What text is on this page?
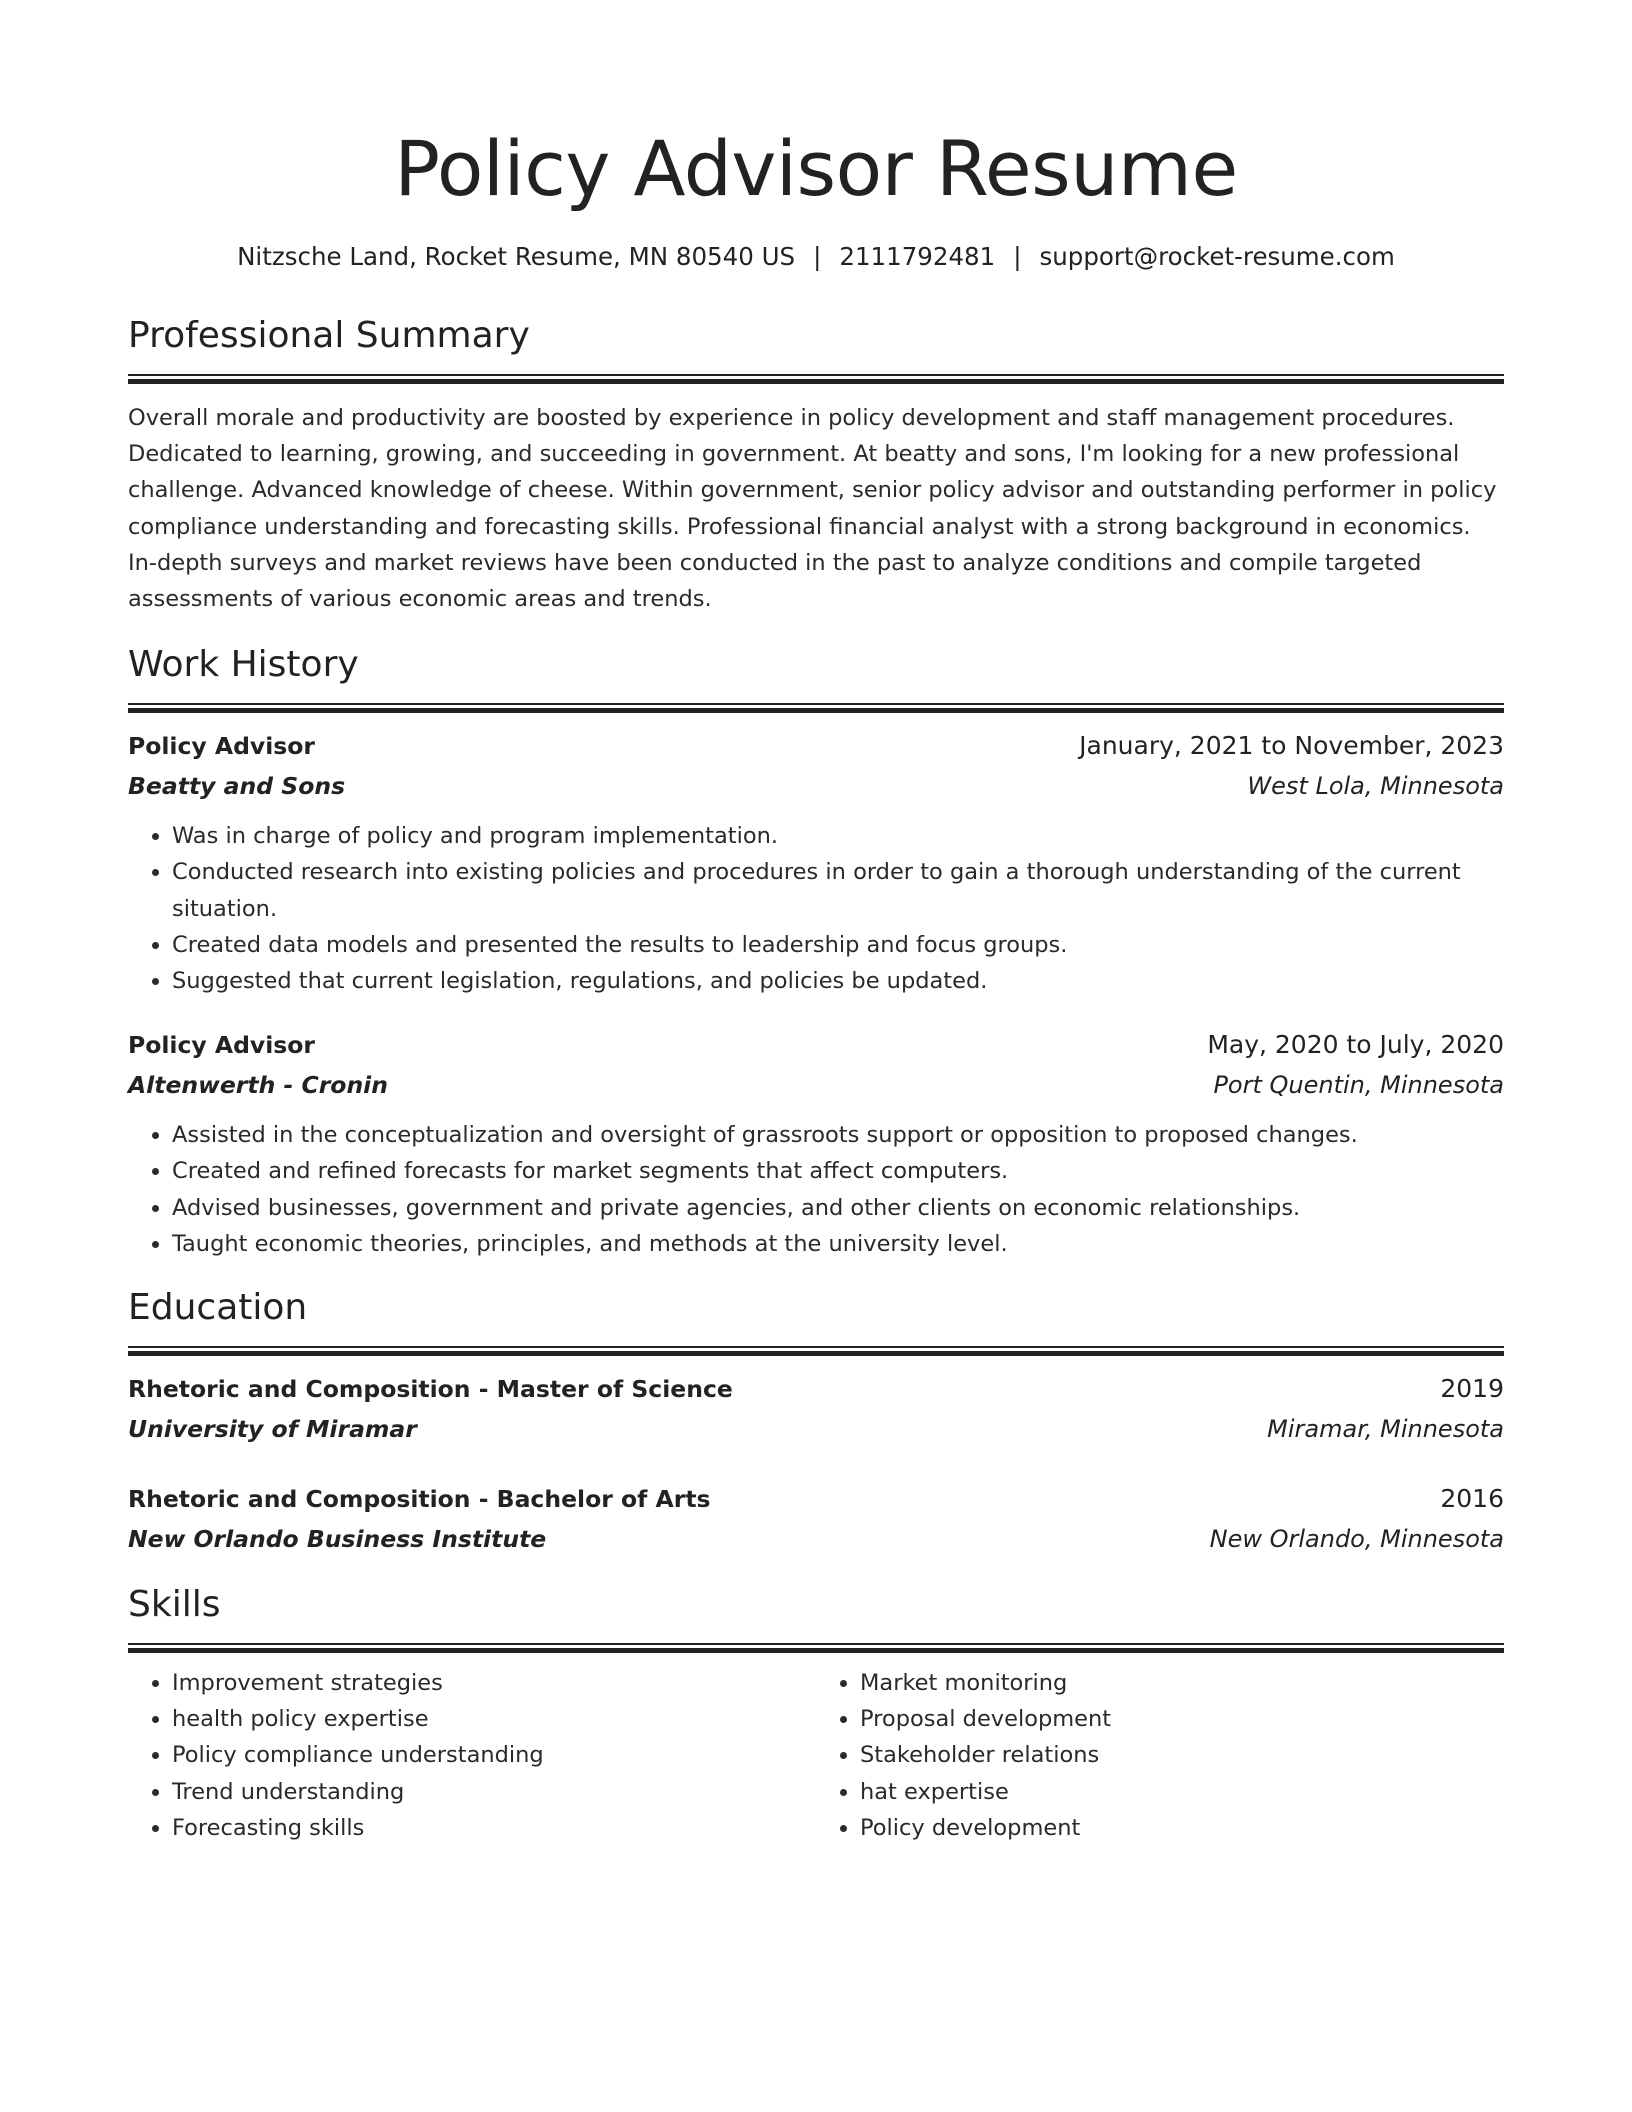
Policy Advisor Resume
Nitzsche Land, Rocket Resume, MN 80540 US | 2111792481 | support@rocket-resume.com
Professional Summary

Overall morale and productivity are boosted by experience in policy development and staff management procedures. Dedicated to learning, growing, and succeeding in government. At beatty and sons, I'm looking for a new professional challenge. Advanced knowledge of cheese. Within government, senior policy advisor and outstanding performer in policy compliance understanding and forecasting skills. Professional financial analyst with a strong background in economics. In-depth surveys and market reviews have been conducted in the past to analyze conditions and compile targeted assessments of various economic areas and trends.

Work History
Policy Advisor	January, 2021 to November, 2023
Beatty and Sons	West Lola, Minnesota
• Was in charge of policy and program implementation.
• Conducted research into existing policies and procedures in order to gain a thorough understanding of the current situation.
• Created data models and presented the results to leadership and focus groups.
• Suggested that current legislation, regulations, and policies be updated.
Policy Advisor	May, 2020 to July, 2020
Altenwerth - Cronin	Port Quentin, Minnesota
• Assisted in the conceptualization and oversight of grassroots support or opposition to proposed changes.
• Created and refined forecasts for market segments that affect computers.
• Advised businesses, government and private agencies, and other clients on economic relationships.
• Taught economic theories, principles, and methods at the university level.
Education
Rhetoric and Composition - Master of Science	2019
University of Miramar	Miramar, Minnesota
Rhetoric and Composition - Bachelor of Arts	2016
New Orlando Business Institute	New Orlando, Minnesota
Skills
• Improvement strategies
• health policy expertise
• Policy compliance understanding
• Trend understanding
• Forecasting skills
• Market monitoring
• Proposal development
• Stakeholder relations
• hat expertise
• Policy development
